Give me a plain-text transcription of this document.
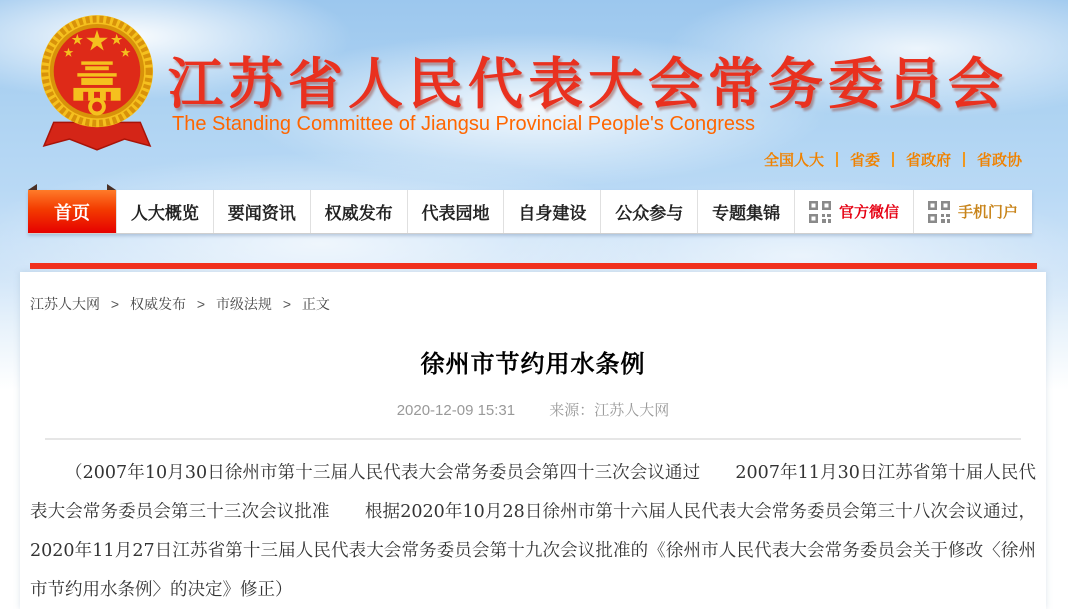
江苏省人民代表大会常务委员会
The Standing Committee of Jiangsu Provincial People's Congress
全国人大	省委	省政府	省政协
首页 人大概览 要闻资讯 权威发布 代表园地 自身建设 公众参与 专题集锦	官方微信	手机门户
江苏人大网 > 权威发布 > 市级法规 > 正文
徐州市节约用水条例
2020-12-09 15:31 来源：江苏人大网
（2007年10月30日徐州市第十三届人民代表大会常务委员会第四十三次会议通过　　2007年11月30日江苏省第十届人民代表大会常务委员会第三十三次会议批准　　根据2020年10月28日徐州市第十六届人民代表大会常务委员会第三十八次会议通过，2020年11月27日江苏省第十三届人民代表大会常务委员会第十九次会议批准的《徐州市人民代表大会常务委员会关于修改〈徐州市节约用水条例〉的决定》修正）
